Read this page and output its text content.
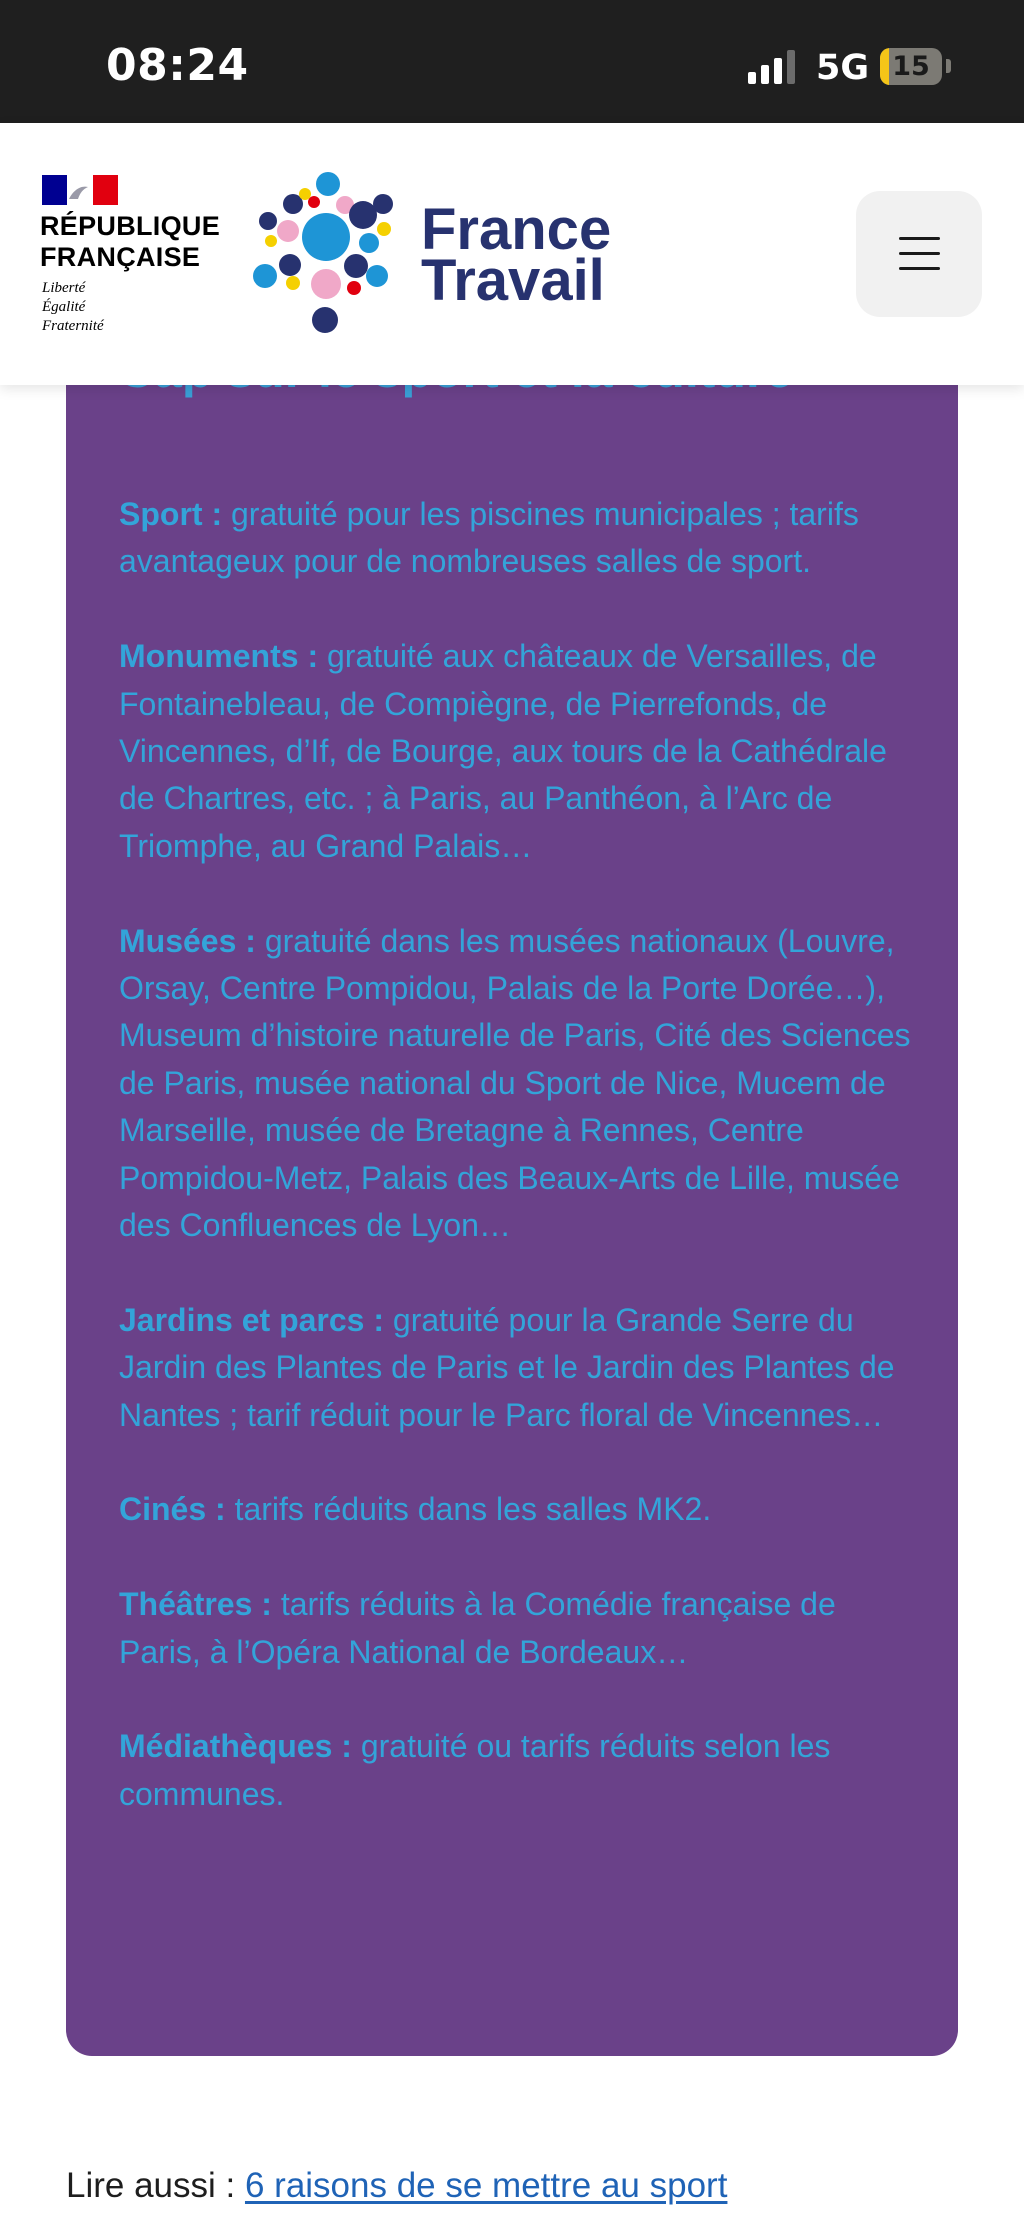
08:24	5G 15

Sport : gratuité pour les piscines municipales ; tarifs avantageux pour de nombreuses salles de sport.

Monuments : gratuité aux châteaux de Versailles, de Fontainebleau, de Compiègne, de Pierrefonds, de Vincennes, d’If, de Bourge, aux tours de la Cathédrale de Chartres, etc. ; à Paris, au Panthéon, à l’Arc de Triomphe, au Grand Palais…

Musées : gratuité dans les musées nationaux (Louvre, Orsay, Centre Pompidou, Palais de la Porte Dorée…), Museum d’histoire naturelle de Paris, Cité des Sciences de Paris, musée national du Sport de Nice, Mucem de Marseille, musée de Bretagne à Rennes, Centre Pompidou-Metz, Palais des Beaux-Arts de Lille, musée des Confluences de Lyon…

Jardins et parcs : gratuité pour la Grande Serre du Jardin des Plantes de Paris et le Jardin des Plantes de Nantes ; tarif réduit pour le Parc floral de Vincennes…

Cinés : tarifs réduits dans les salles MK2.

Théâtres : tarifs réduits à la Comédie française de Paris, à l’Opéra National de Bordeaux…

Médiathèques : gratuité ou tarifs réduits selon les communes.

RÉPUBLIQUE
FRANÇAISE
Liberté
Égalité
Fraternité
France
Travail
Lire aussi : 6 raisons de se mettre au sport
